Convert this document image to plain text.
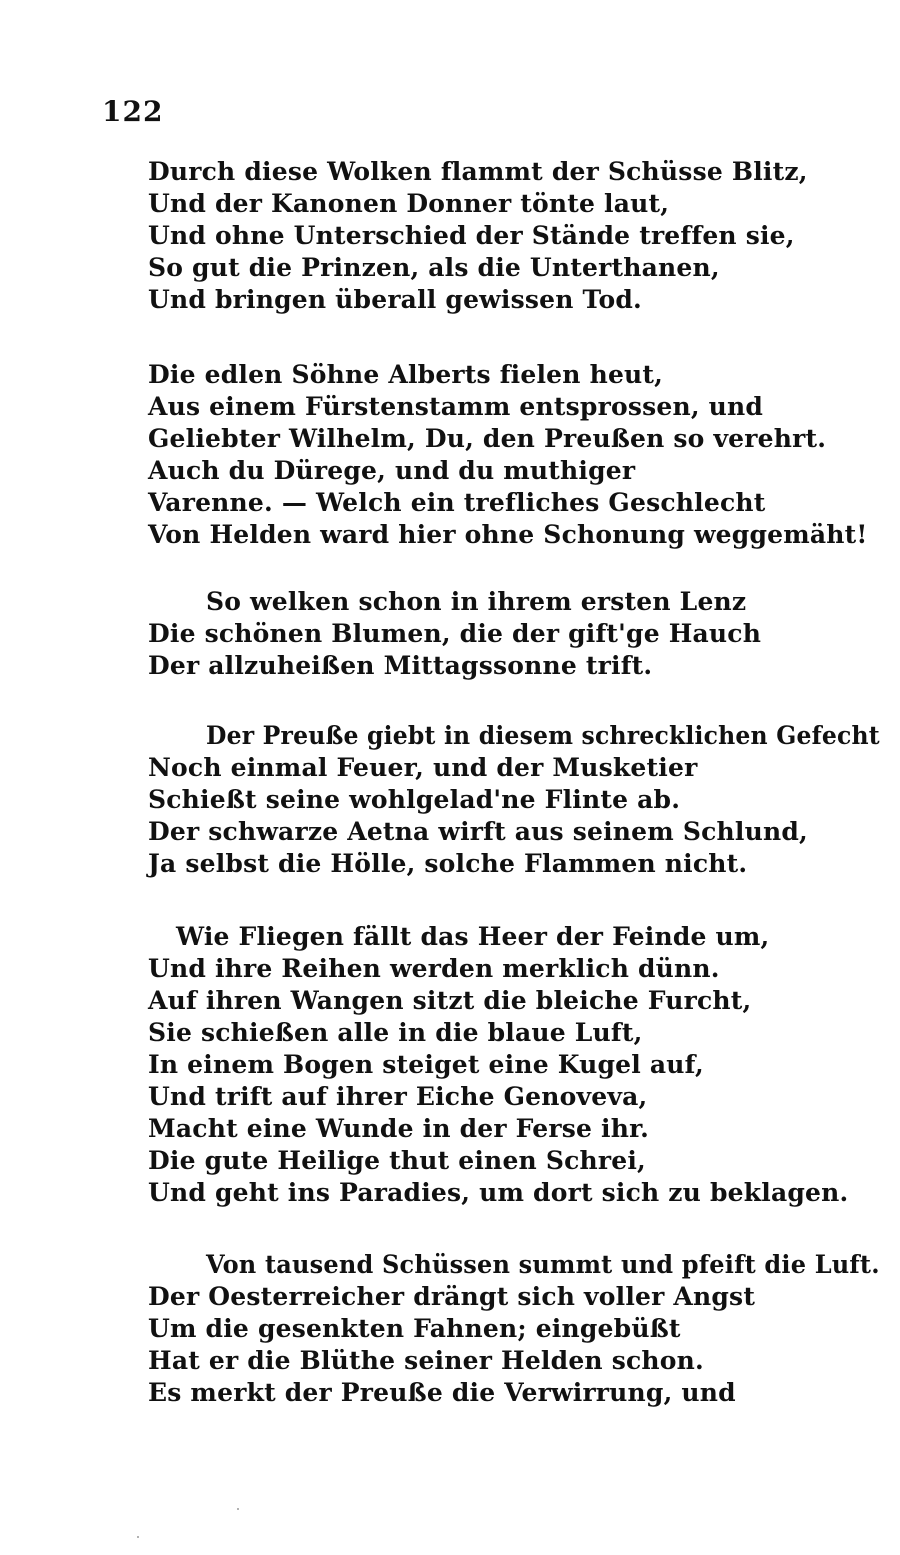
122
Durch diese Wolken flammt der Schüsse Blitz,
Und der Kanonen Donner tönte laut,
Und ohne Unterschied der Stände treffen sie,
So gut die Prinzen, als die Unterthanen,
Und bringen überall gewissen Tod.
Die edlen Söhne Alberts fielen heut,
Aus einem Fürstenstamm entsprossen, und
Geliebter Wilhelm, Du, den Preußen so verehrt.
Auch du Dürege, und du muthiger
Varenne. — Welch ein trefliches Geschlecht
Von Helden ward hier ohne Schonung weggemäht!
So welken schon in ihrem ersten Lenz
Die schönen Blumen, die der gift'ge Hauch
Der allzuheißen Mittagssonne trift.
Der Preuße giebt in diesem schrecklichen Gefecht
Noch einmal Feuer, und der Musketier
Schießt seine wohlgelad'ne Flinte ab.
Der schwarze Aetna wirft aus seinem Schlund,
Ja selbst die Hölle, solche Flammen nicht.
Wie Fliegen fällt das Heer der Feinde um,
Und ihre Reihen werden merklich dünn.
Auf ihren Wangen sitzt die bleiche Furcht,
Sie schießen alle in die blaue Luft,
In einem Bogen steiget eine Kugel auf,
Und trift auf ihrer Eiche Genoveva,
Macht eine Wunde in der Ferse ihr.
Die gute Heilige thut einen Schrei,
Und geht ins Paradies, um dort sich zu beklagen.
Von tausend Schüssen summt und pfeift die Luft.
Der Oesterreicher drängt sich voller Angst
Um die gesenkten Fahnen; eingebüßt
Hat er die Blüthe seiner Helden schon.
Es merkt der Preuße die Verwirrung, und
